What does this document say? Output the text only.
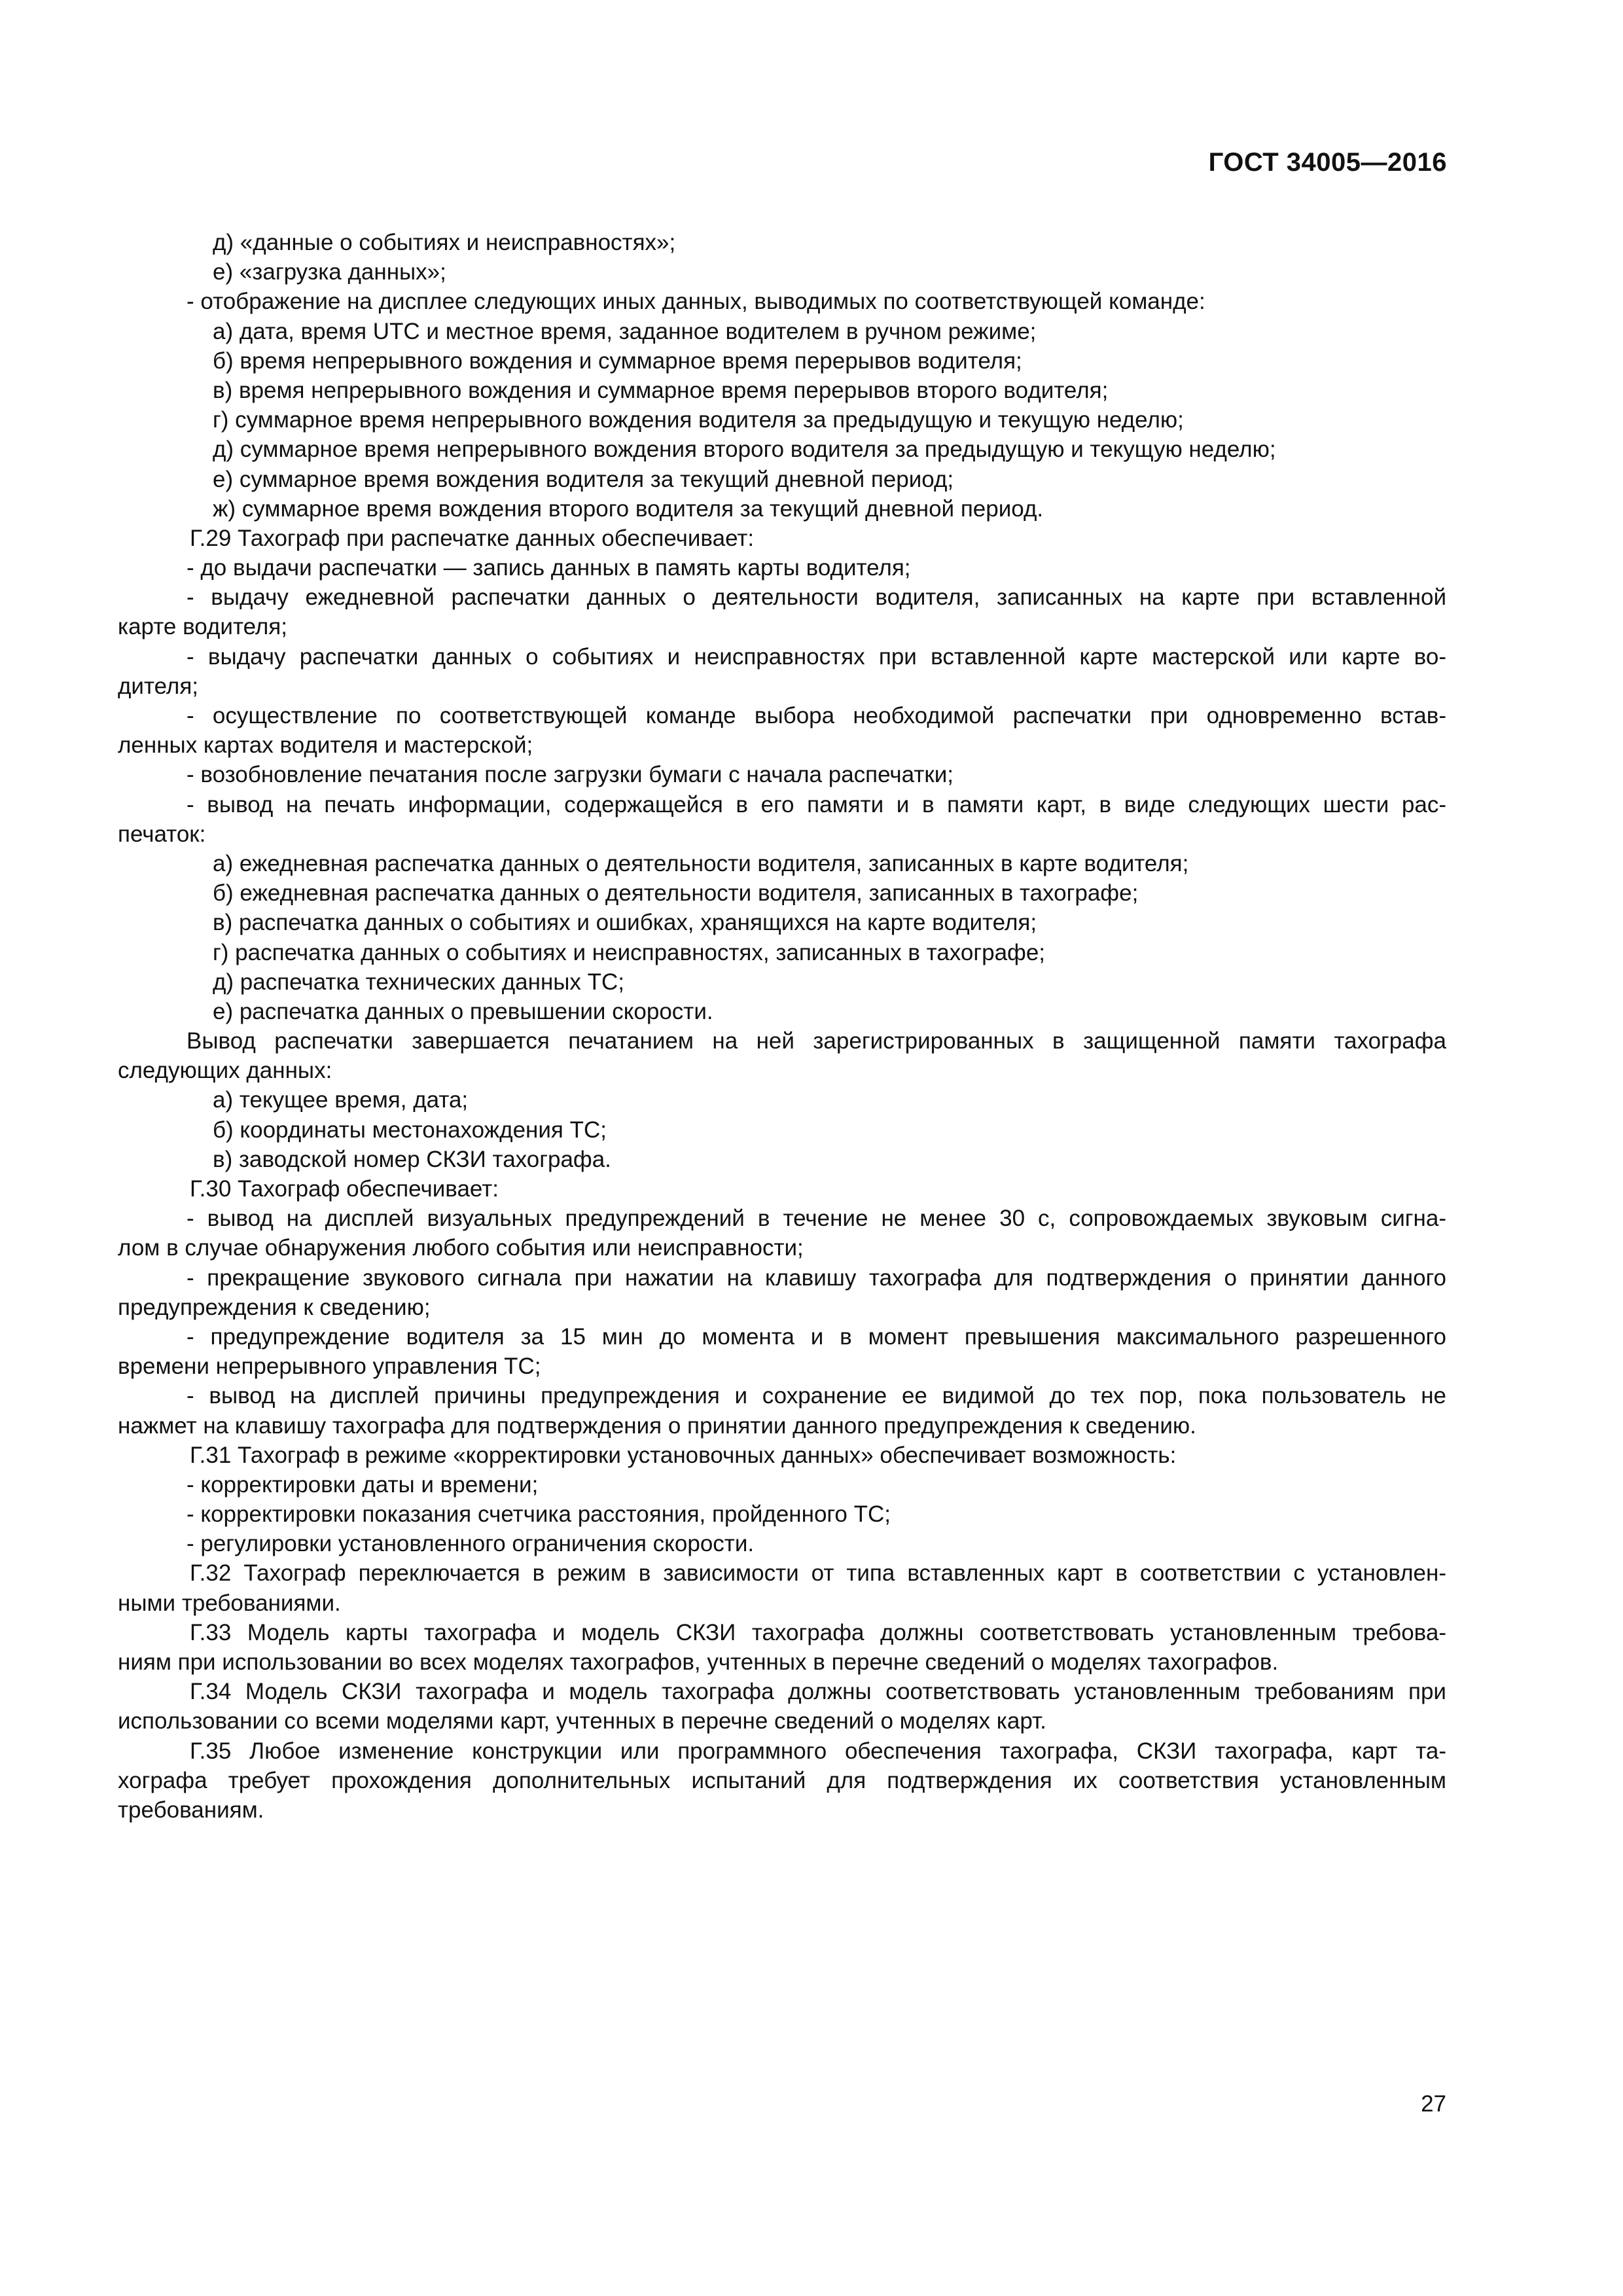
ГОСТ 34005—2016
д) «данные о событиях и неисправностях»;
е) «загрузка данных»;
- отображение на дисплее следующих иных данных, выводимых по соответствующей команде:
а) дата, время UTC и местное время, заданное водителем в ручном режиме;
б) время непрерывного вождения и суммарное время перерывов водителя;
в) время непрерывного вождения и суммарное время перерывов второго водителя;
г) суммарное время непрерывного вождения водителя за предыдущую и текущую неделю;
д) суммарное время непрерывного вождения второго водителя за предыдущую и текущую неделю;
е) суммарное время вождения водителя за текущий дневной период;
ж) суммарное время вождения второго водителя за текущий дневной период.
Г.29 Тахограф при распечатке данных обеспечивает:
- до выдачи распечатки — запись данных в память карты водителя;
- выдачу ежедневной распечатки данных о деятельности водителя, записанных на карте при вставленной
карте водителя;
- выдачу распечатки данных о событиях и неисправностях при вставленной карте мастерской или карте во-
дителя;
- осуществление по соответствующей команде выбора необходимой распечатки при одновременно встав-
ленных картах водителя и мастерской;
- возобновление печатания после загрузки бумаги с начала распечатки;
- вывод на печать информации, содержащейся в его памяти и в памяти карт, в виде следующих шести рас-
печаток:
а) ежедневная распечатка данных о деятельности водителя, записанных в карте водителя;
б) ежедневная распечатка данных о деятельности водителя, записанных в тахографе;
в) распечатка данных о событиях и ошибках, хранящихся на карте водителя;
г) распечатка данных о событиях и неисправностях, записанных в тахографе;
д) распечатка технических данных ТС;
е) распечатка данных о превышении скорости.
Вывод распечатки завершается печатанием на ней зарегистрированных в защищенной памяти тахографа
следующих данных:
а) текущее время, дата;
б) координаты местонахождения ТС;
в) заводской номер СКЗИ тахографа.
Г.30 Тахограф обеспечивает:
- вывод на дисплей визуальных предупреждений в течение не менее 30 с, сопровождаемых звуковым сигна-
лом в случае обнаружения любого события или неисправности;
- прекращение звукового сигнала при нажатии на клавишу тахографа для подтверждения о принятии данного
предупреждения к сведению;
- предупреждение водителя за 15 мин до момента и в момент превышения максимального разрешенного
времени непрерывного управления ТС;
- вывод на дисплей причины предупреждения и сохранение ее видимой до тех пор, пока пользователь не
нажмет на клавишу тахографа для подтверждения о принятии данного предупреждения к сведению.
Г.31 Тахограф в режиме «корректировки установочных данных» обеспечивает возможность:
- корректировки даты и времени;
- корректировки показания счетчика расстояния, пройденного ТС;
- регулировки установленного ограничения скорости.
Г.32 Тахограф переключается в режим в зависимости от типа вставленных карт в соответствии с установлен-
ными требованиями.
Г.33 Модель карты тахографа и модель СКЗИ тахографа должны соответствовать установленным требова-
ниям при использовании во всех моделях тахографов, учтенных в перечне сведений о моделях тахографов.
Г.34 Модель СКЗИ тахографа и модель тахографа должны соответствовать установленным требованиям при
использовании со всеми моделями карт, учтенных в перечне сведений о моделях карт.
Г.35 Любое изменение конструкции или программного обеспечения тахографа, СКЗИ тахографа, карт та-
хографа требует прохождения дополнительных испытаний для подтверждения их соответствия установленным
требованиям.
27
